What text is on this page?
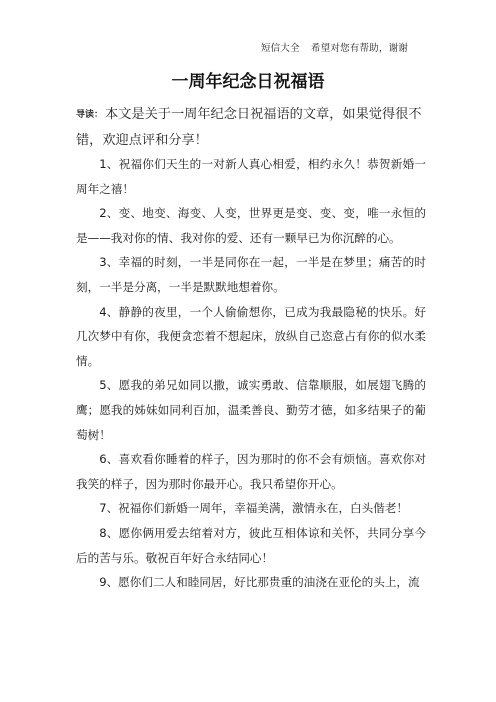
短信大全 希望对您有帮助，谢谢
一周年纪念日祝福语
导读： 本文是关于一周年纪念日祝福语的文章，如果觉得很不错，欢迎点评和分享！

1、祝福你们天生的一对新人真心相爱，相约永久！恭贺新婚一周年之禧！

2、变、地变、海变、人变，世界更是变、变、变，唯一永恒的是——我对你的情、我对你的爱、还有一颗早已为你沉醉的心。

3、幸福的时刻，一半是同你在一起，一半是在梦里；痛苦的时刻，一半是分离，一半是默默地想着你。

4、静静的夜里，一个人偷偷想你，已成为我最隐秘的快乐。好几次梦中有你，我便贪恋着不想起床，放纵自己恣意占有你的似水柔情。

5、愿我的弟兄如同以撒，诚实勇敢、信靠顺服，如展翅飞腾的鹰；愿我的姊妹如同利百加，温柔善良、勤劳才德，如多结果子的葡萄树！

6、喜欢看你睡着的样子，因为那时的你不会有烦恼。喜欢你对我笑的样子，因为那时你最开心。我只希望你开心。

7、祝福你们新婚一周年，幸福美满，激情永在，白头偕老！

8、愿你俩用爱去绾着对方，彼此互相体谅和关怀，共同分享今后的苦与乐。敬祝百年好合永结同心！

9、愿你们二人和睦同居，好比那贵重的油浇在亚伦的头上，流
